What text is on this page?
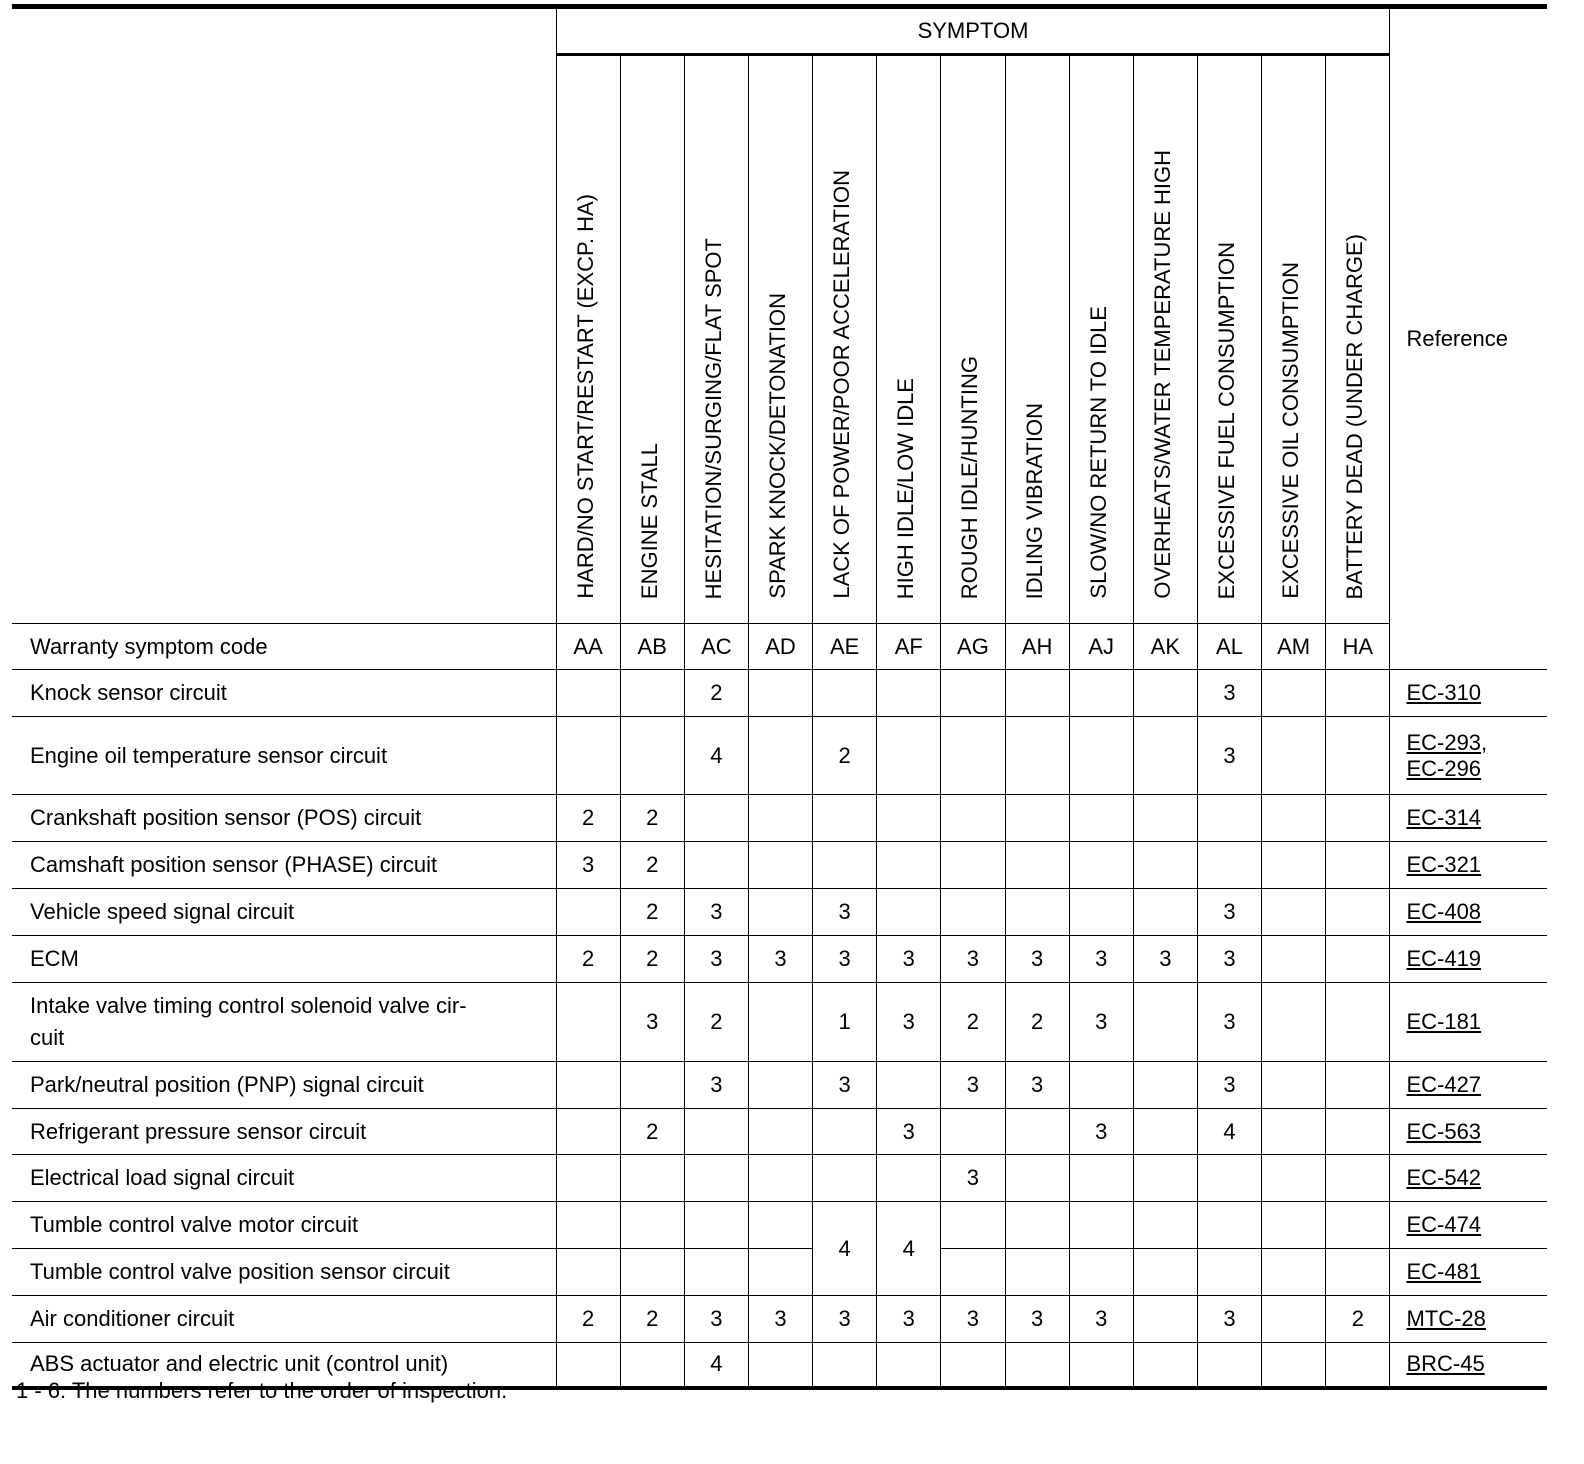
	SYMPTOM													Reference
	HARD/NO START/RESTART (EXCP. HA)	ENGINE STALL	HESITATION/SURGING/FLAT SPOT	SPARK KNOCK/DETONATION	LACK OF POWER/POOR ACCELERATION	HIGH IDLE/LOW IDLE	ROUGH IDLE/HUNTING	IDLING VIBRATION	SLOW/NO RETURN TO IDLE	OVERHEATS/WATER TEMPERATURE HIGH	EXCESSIVE FUEL CONSUMPTION	EXCESSIVE OIL CONSUMPTION	BATTERY DEAD (UNDER CHARGE)	
Warranty symptom code	AA	AB	AC	AD	AE	AF	AG	AH	AJ	AK	AL	AM	HA	

Knock sensor circuit			2								3			EC-310

Engine oil temperature sensor circuit			4		2						3			EC-293,
EC-296

Crankshaft position sensor (POS) circuit	2	2												EC-314

Camshaft position sensor (PHASE) circuit	3	2												EC-321

Vehicle speed signal circuit		2	3		3						3			EC-408

ECM	2	2	3	3	3	3	3	3	3	3	3			EC-419

Intake valve timing control solenoid valve cir-
cuit		3	2		1	3	2	2	3		3			EC-181

Park/neutral position (PNP) signal circuit			3		3		3	3			3			EC-427

Refrigerant pressure sensor circuit		2				3			3		4			EC-563

Electrical load signal circuit							3							EC-542

Tumble control valve motor circuit					4	4								EC-474

Tumble control valve position sensor circuit														EC-481

Air conditioner circuit	2	2	3	3	3	3	3	3	3		3		2	MTC-28

ABS actuator and electric unit (control unit)			4											BRC-45
1 - 6: The numbers refer to the order of inspection.
